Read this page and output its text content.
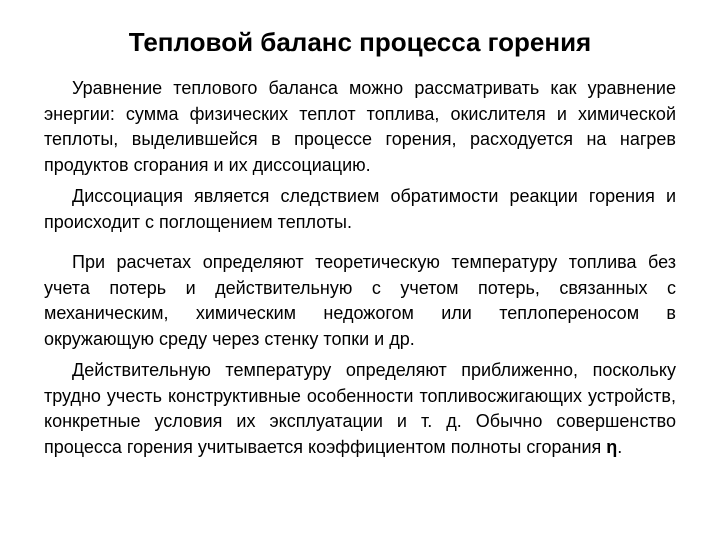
Тепловой баланс процесса горения

Уравнение теплового баланса можно рассматривать как уравнение энергии: сумма физических теплот топлива, окислителя и химической теплоты, выделившейся в процессе горения, расходуется на нагрев продуктов сгорания и их диссоциацию.

Диссоциация является следствием обратимости реакции горения и происходит с поглощением теплоты.

При расчетах определяют теоретическую температуру топлива без учета потерь и действительную с учетом потерь, связанных с механическим, химическим недожогом или теплопереносом в окружающую среду через стенку топки и др.

Действительную температуру определяют приближенно, поскольку трудно учесть конструктивные особенности топливосжигающих устройств, конкретные условия их эксплуатации и т. д. Обычно совершенство процесса горения учитывается коэффициентом полноты сгорания η.
